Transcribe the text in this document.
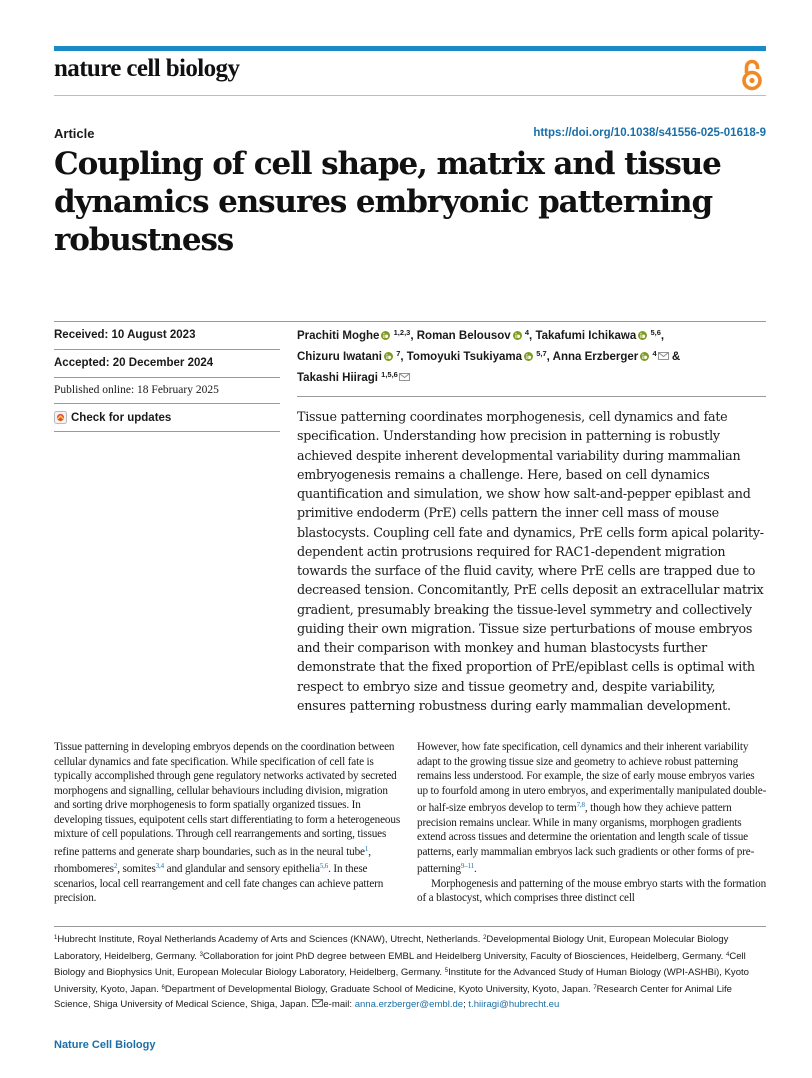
nature cell biology
Article	https://doi.org/10.1038/s41556-025-01618-9
Coupling of cell shape, matrix and tissue dynamics ensures embryonic patterning robustness
Received: 10 August 2023
Accepted: 20 December 2024
Published online: 18 February 2025
Check for updates
Prachiti Moghe $^{1,2,3}$, Roman Belousov $^4$, Takafumi Ichikawa $^{5,6}$,
Chizuru Iwatani $^7$, Tomoyuki Tsukiyama $^{5,7}$, Anna Erzberger $^4$ &
Takashi Hiiragi $^{1,5,6}$

Tissue patterning coordinates morphogenesis, cell dynamics and fate specification. Understanding how precision in patterning is robustly achieved despite inherent developmental variability during mammalian embryogenesis remains a challenge. Here, based on cell dynamics quantification and simulation, we show how salt-and-pepper epiblast and primitive endoderm (PrE) cells pattern the inner cell mass of mouse blastocysts. Coupling cell fate and dynamics, PrE cells form apical polarity-dependent actin protrusions required for RAC1-dependent migration towards the surface of the fluid cavity, where PrE cells are trapped due to decreased tension. Concomitantly, PrE cells deposit an extracellular matrix gradient, presumably breaking the tissue-level symmetry and collectively guiding their own migration. Tissue size perturbations of mouse embryos and their comparison with monkey and human blastocysts further demonstrate that the fixed proportion of PrE/epiblast cells is optimal with respect to embryo size and tissue geometry and, despite variability, ensures patterning robustness during early mammalian development.

Tissue patterning in developing embryos depends on the coordination between cellular dynamics and fate specification. While specification of cell fate is typically accomplished through gene regulatory networks activated by secreted morphogens and signalling, cellular behaviours including division, migration and sorting drive morphogenesis to form spatially organized tissues. In developing tissues, equipotent cells start differentiating to form a heterogeneous mixture of cell populations. Through cell rearrangements and sorting, tissues refine patterns and generate sharp boundaries, such as in the neural tube$^1$, rhombomeres$^2$, somites$^{3,4}$ and glandular and sensory epithelia$^{5,6}$. In these scenarios, local cell rearrangement and cell fate changes can achieve pattern precision.
However, how fate specification, cell dynamics and their inherent variability adapt to the growing tissue size and geometry to achieve robust patterning remains less understood. For example, the size of early mouse embryos varies up to fourfold among in utero embryos, and experimentally manipulated double- or half-size embryos develop to term$^{7,8}$, though how they achieve pattern precision remains unclear. While in many organisms, morphogen gradients extend across tissues and determine the orientation and length scale of tissue patterns, early mammalian embryos lack such gradients or other forms of pre-patterning$^{9-11}$.
Morphogenesis and patterning of the mouse embryo starts with the formation of a blastocyst, which comprises three distinct cell

$^1$Hubrecht Institute, Royal Netherlands Academy of Arts and Sciences (KNAW), Utrecht, Netherlands. $^2$Developmental Biology Unit, European Molecular Biology Laboratory, Heidelberg, Germany. $^3$Collaboration for joint PhD degree between EMBL and Heidelberg University, Faculty of Biosciences, Heidelberg, Germany. $^4$Cell Biology and Biophysics Unit, European Molecular Biology Laboratory, Heidelberg, Germany. $^5$Institute for the Advanced Study of Human Biology (WPI-ASHBi), Kyoto University, Kyoto, Japan. $^6$Department of Developmental Biology, Graduate School of Medicine, Kyoto University, Kyoto, Japan. $^7$Research Center for Animal Life Science, Shiga University of Medical Science, Shiga, Japan. e-mail: anna.erzberger@embl.de; t.hiiragi@hubrecht.eu

Nature Cell Biology
